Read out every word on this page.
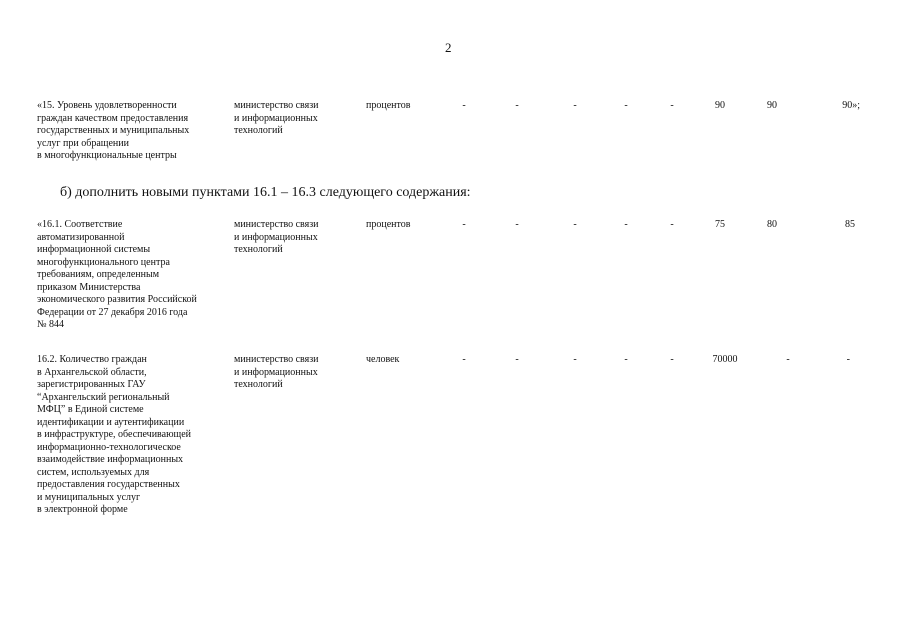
2
«15. Уровень удовлетворенности
граждан качеством предоставления
государственных и муниципальных
услуг при обращении
в многофункциональные центры
министерство связи
и информационных
технологий
процентов	-	-	-	-	-	90	90	90»;
б) дополнить новыми пунктами 16.1 – 16.3 следующего содержания:
«16.1. Соответствие
автоматизированной
информационной системы
многофункционального центра
требованиям, определенным
приказом Министерства
экономического развития Российской
Федерации от 27 декабря 2016 года
№ 844
министерство связи
и информационных
технологий
процентов	-	-	-	-	-	75	80	85
16.2. Количество граждан
в Архангельской области,
зарегистрированных ГАУ
“Архангельский региональный
МФЦ” в Единой системе
идентификации и аутентификации
в инфраструктуре, обеспечивающей
информационно-технологическое
взаимодействие информационных
систем, используемых для
предоставления государственных
и муниципальных услуг
в электронной форме
министерство связи
и информационных
технологий
человек	-	-	-	-	-	70000	-	-
